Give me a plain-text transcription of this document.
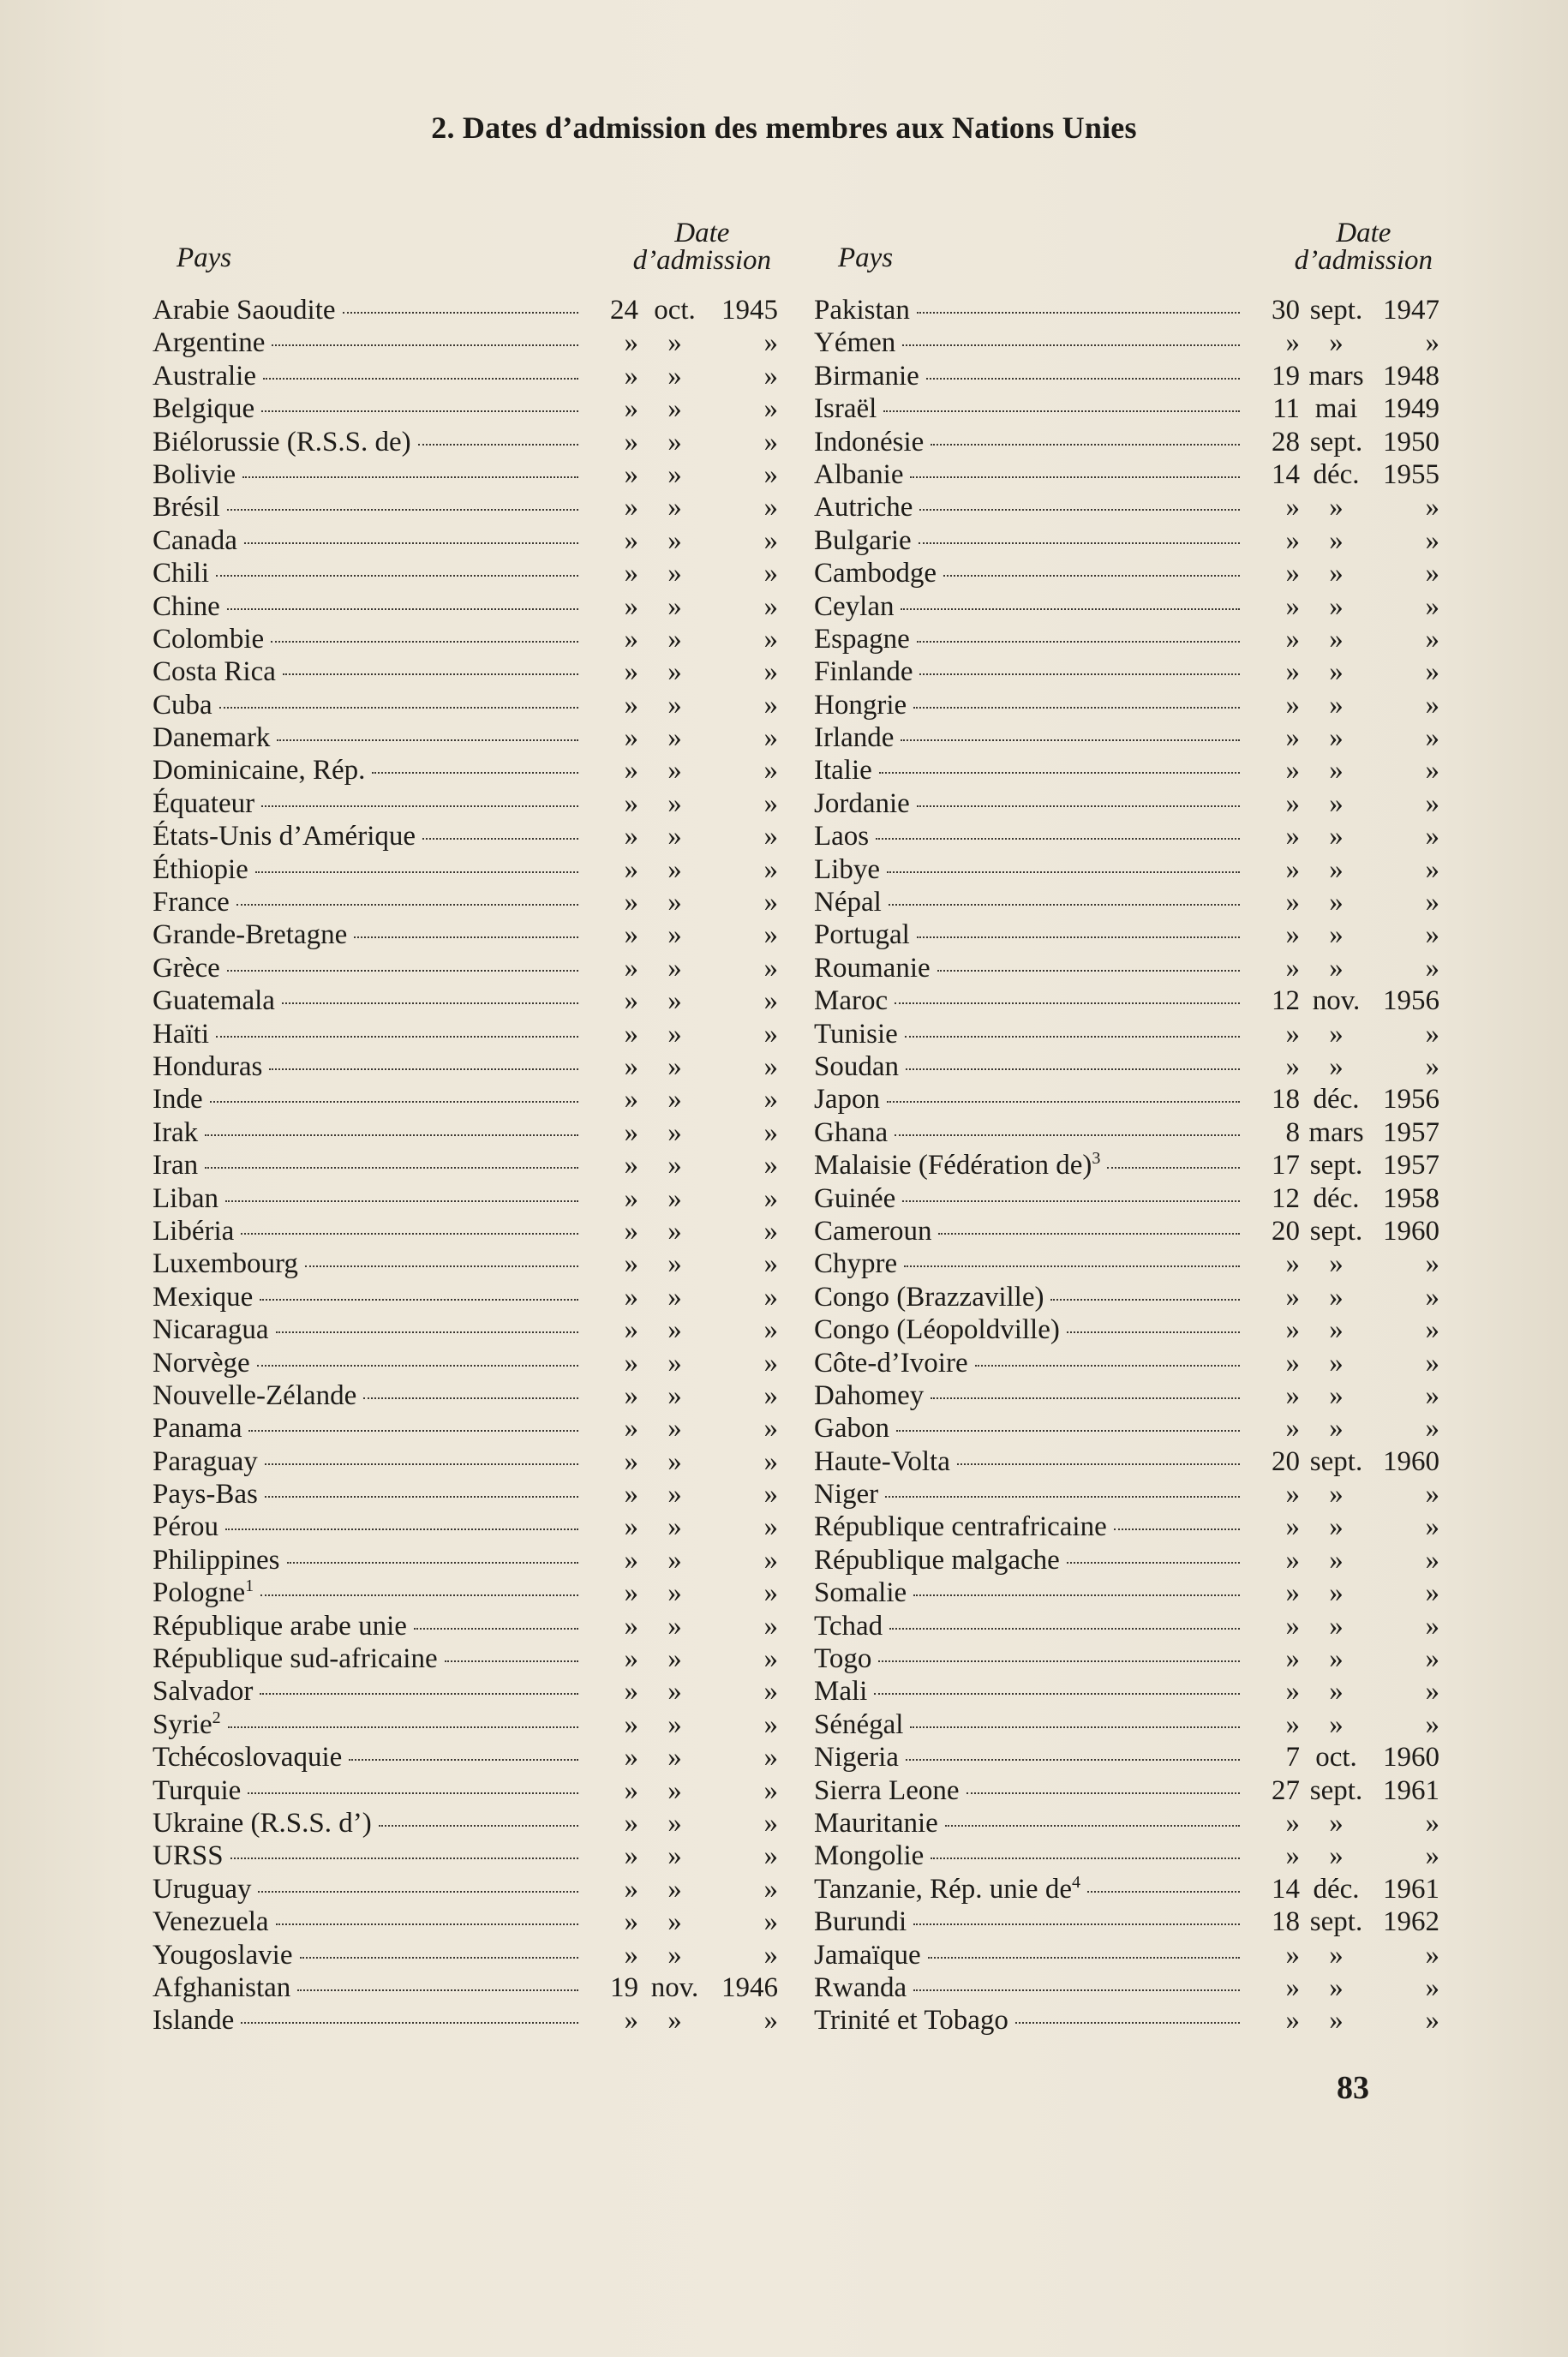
2. Dates d’admission des membres aux Nations Unies
Pays
Date
d’admission
Arabie Saoudite	24 oct. 1945
Argentine	»	»	»
Australie	»	»	»
Belgique	»	»	»
Biélorussie (R.S.S. de)	»	»	»
Bolivie	»	»	»
Brésil	»	»	»
Canada	»	»	»
Chili	»	»	»
Chine	»	»	»
Colombie	»	»	»
Costa Rica	»	»	»
Cuba	»	»	»
Danemark	»	»	»
Dominicaine, Rép.	»	»	»
Équateur	»	»	»
États-Unis d’Amérique	»	»	»
Éthiopie	»	»	»
France	»	»	»
Grande-Bretagne	»	»	»
Grèce	»	»	»
Guatemala	»	»	»
Haïti	»	»	»
Honduras	»	»	»
Inde	»	»	»
Irak	»	»	»
Iran	»	»	»
Liban	»	»	»
Libéria	»	»	»
Luxembourg	»	»	»
Mexique	»	»	»
Nicaragua	»	»	»
Norvège	»	»	»
Nouvelle-Zélande	»	»	»
Panama	»	»	»
Paraguay	»	»	»
Pays-Bas	»	»	»
Pérou	»	»	»
Philippines	»	»	»
Pologne$^1$	»	»	»
République arabe unie	»	»	»
République sud-africaine	»	»	»
Salvador	»	»	»
Syrie$^2$	»	»	»
Tchécoslovaquie	»	»	»
Turquie	»	»	»
Ukraine (R.S.S. d’)	»	»	»
URSS	»	»	»
Uruguay	»	»	»
Venezuela	»	»	»
Yougoslavie	»	»	»
Afghanistan	19 nov. 1946
Islande	»	»	»
Pays
Date
d’admission
Pakistan	30 sept. 1947
Yémen	»	»	»
Birmanie	19 mars 1948
Israël	11 mai 1949
Indonésie	28 sept. 1950
Albanie	14 déc. 1955
Autriche	»	»	»
Bulgarie	»	»	»
Cambodge	»	»	»
Ceylan	»	»	»
Espagne	»	»	»
Finlande	»	»	»
Hongrie	»	»	»
Irlande	»	»	»
Italie	»	»	»
Jordanie	»	»	»
Laos	»	»	»
Libye	»	»	»
Népal	»	»	»
Portugal	»	»	»
Roumanie	»	»	»
Maroc	12 nov. 1956
Tunisie	»	»	»
Soudan	»	»	»
Japon	18 déc. 1956
Ghana	8 mars 1957
Malaisie (Fédération de)$^3$	17 sept. 1957
Guinée	12 déc. 1958
Cameroun	20 sept. 1960
Chypre	»	»	»
Congo (Brazzaville)	»	»	»
Congo (Léopoldville)	»	»	»
Côte-d’Ivoire	»	»	»
Dahomey	»	»	»
Gabon	»	»	»
Haute-Volta	20 sept. 1960
Niger	»	»	»
République centrafricaine	»	»	»
République malgache	»	»	»
Somalie	»	»	»
Tchad	»	»	»
Togo	»	»	»
Mali	»	»	»
Sénégal	»	»	»
Nigeria	7 oct. 1960
Sierra Leone	27 sept. 1961
Mauritanie	»	»	»
Mongolie	»	»	»
Tanzanie, Rép. unie $de^4$	14 déc. 1961
Burundi	18 sept. 1962
Jamaïque	»	»	»
Rwanda	»	»	»
Trinité et Tobago	»	»	»
83
